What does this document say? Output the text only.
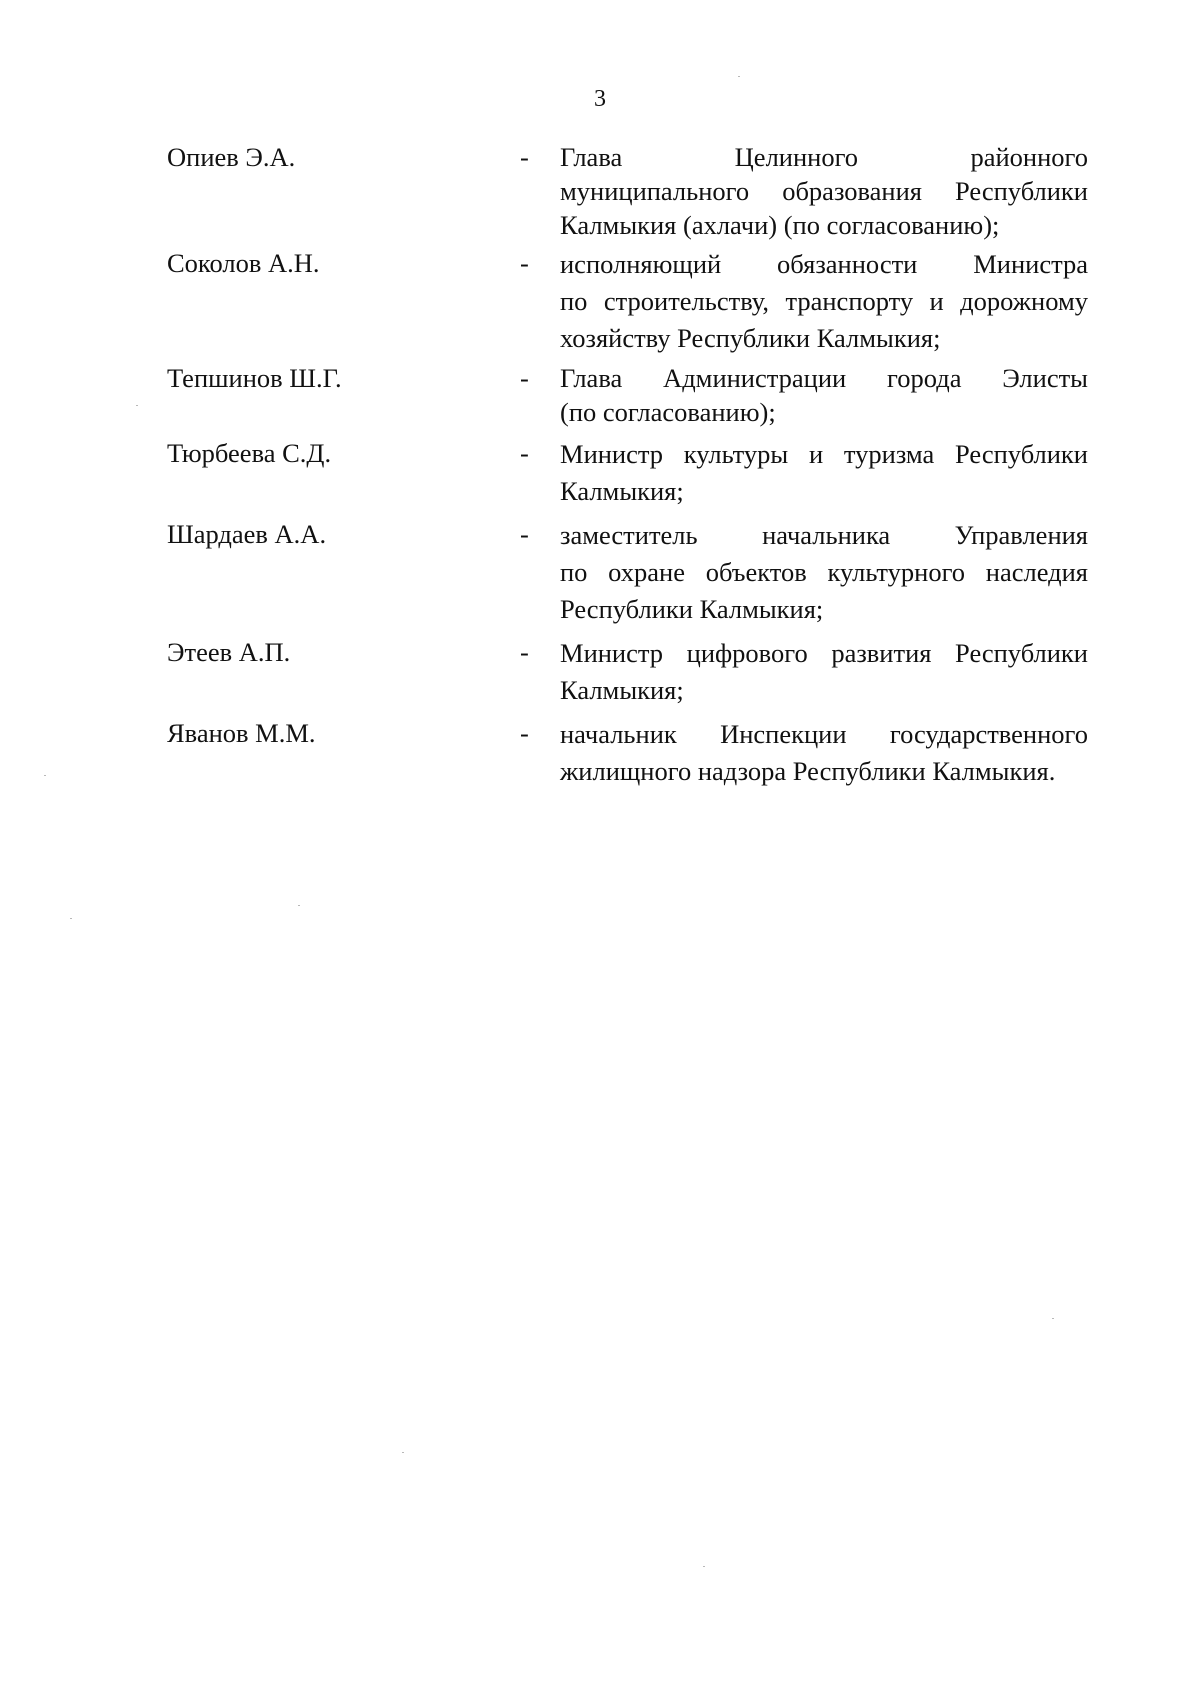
3
Опиев Э.А.	-	Глава Целинного районного
муниципального образования Республики
Калмыкия (ахлачи) (по согласованию);
Соколов А.Н.	-	исполняющий обязанности Министра
по строительству, транспорту и дорожному
хозяйству Республики Калмыкия;
Тепшинов Ш.Г.	-	Глава Администрации города Элисты
(по согласованию);
Тюрбеева С.Д.	-	Министр культуры и туризма Республики
Калмыкия;
Шардаев А.А.	-	заместитель начальника Управления
по охране объектов культурного наследия
Республики Калмыкия;
Этеев А.П.	-	Министр цифрового развития Республики
Калмыкия;
Яванов М.М.	-	начальник Инспекции государственного
жилищного надзора Республики Калмыкия.
